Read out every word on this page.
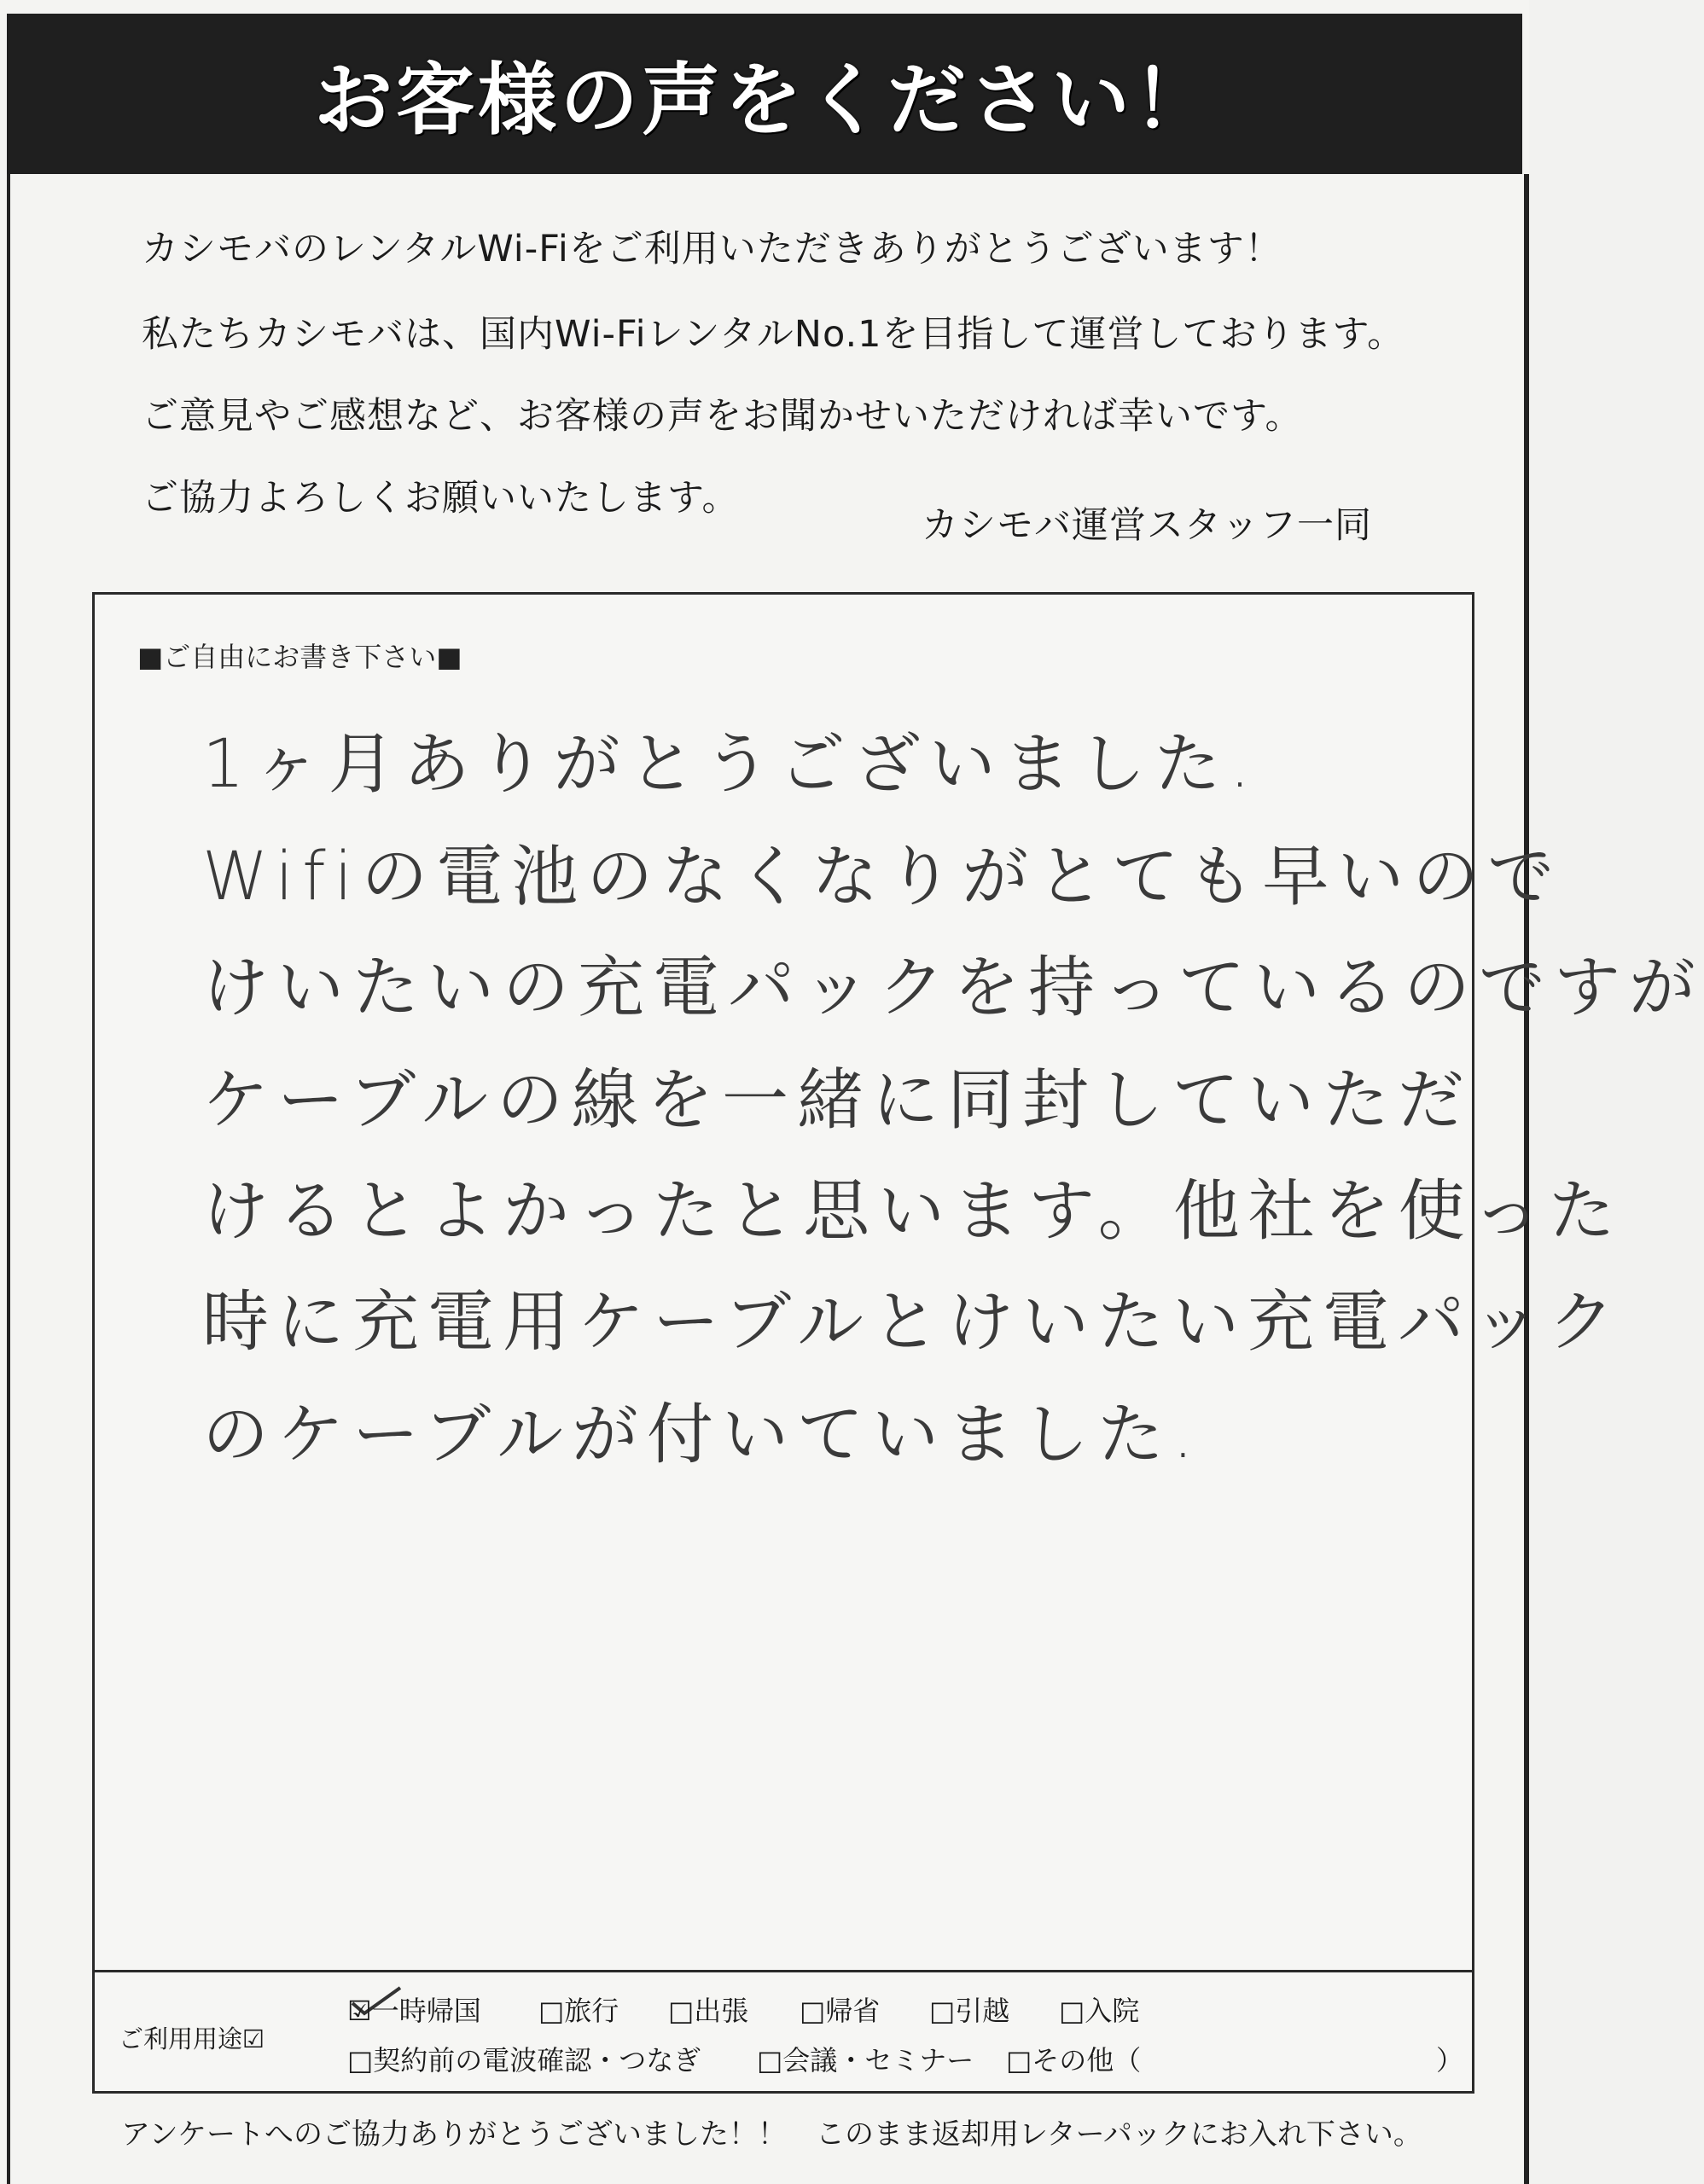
お客様の声をください！
カシモバのレンタルWi-Fiをご利用いただきありがとうございます！
私たちカシモバは、国内Wi-FiレンタルNo.1を目指して運営しております。
ご意見やご感想など、お客様の声をお聞かせいただければ幸いです。
ご協力よろしくお願いいたします。
カシモバ運営スタッフ一同
■ご自由にお書き下さい■
1ヶ月ありがとうございました.
Wifiの電池のなくなりがとても早いので
けいたいの充電パックを持っているのですが
ケーブルの線を一緒に同封していただ
けるとよかったと思います。他社を使った
時に充電用ケーブルとけいたい充電パック
のケーブルが付いていました.
ご利用用途☑
☑一時帰国 □旅行 □出張 □帰省 □引越 □入院
□契約前の電波確認・つなぎ □会議・セミナー □その他（	）
アンケートへのご協力ありがとうございました！！　このまま返却用レターパックにお入れ下さい。
